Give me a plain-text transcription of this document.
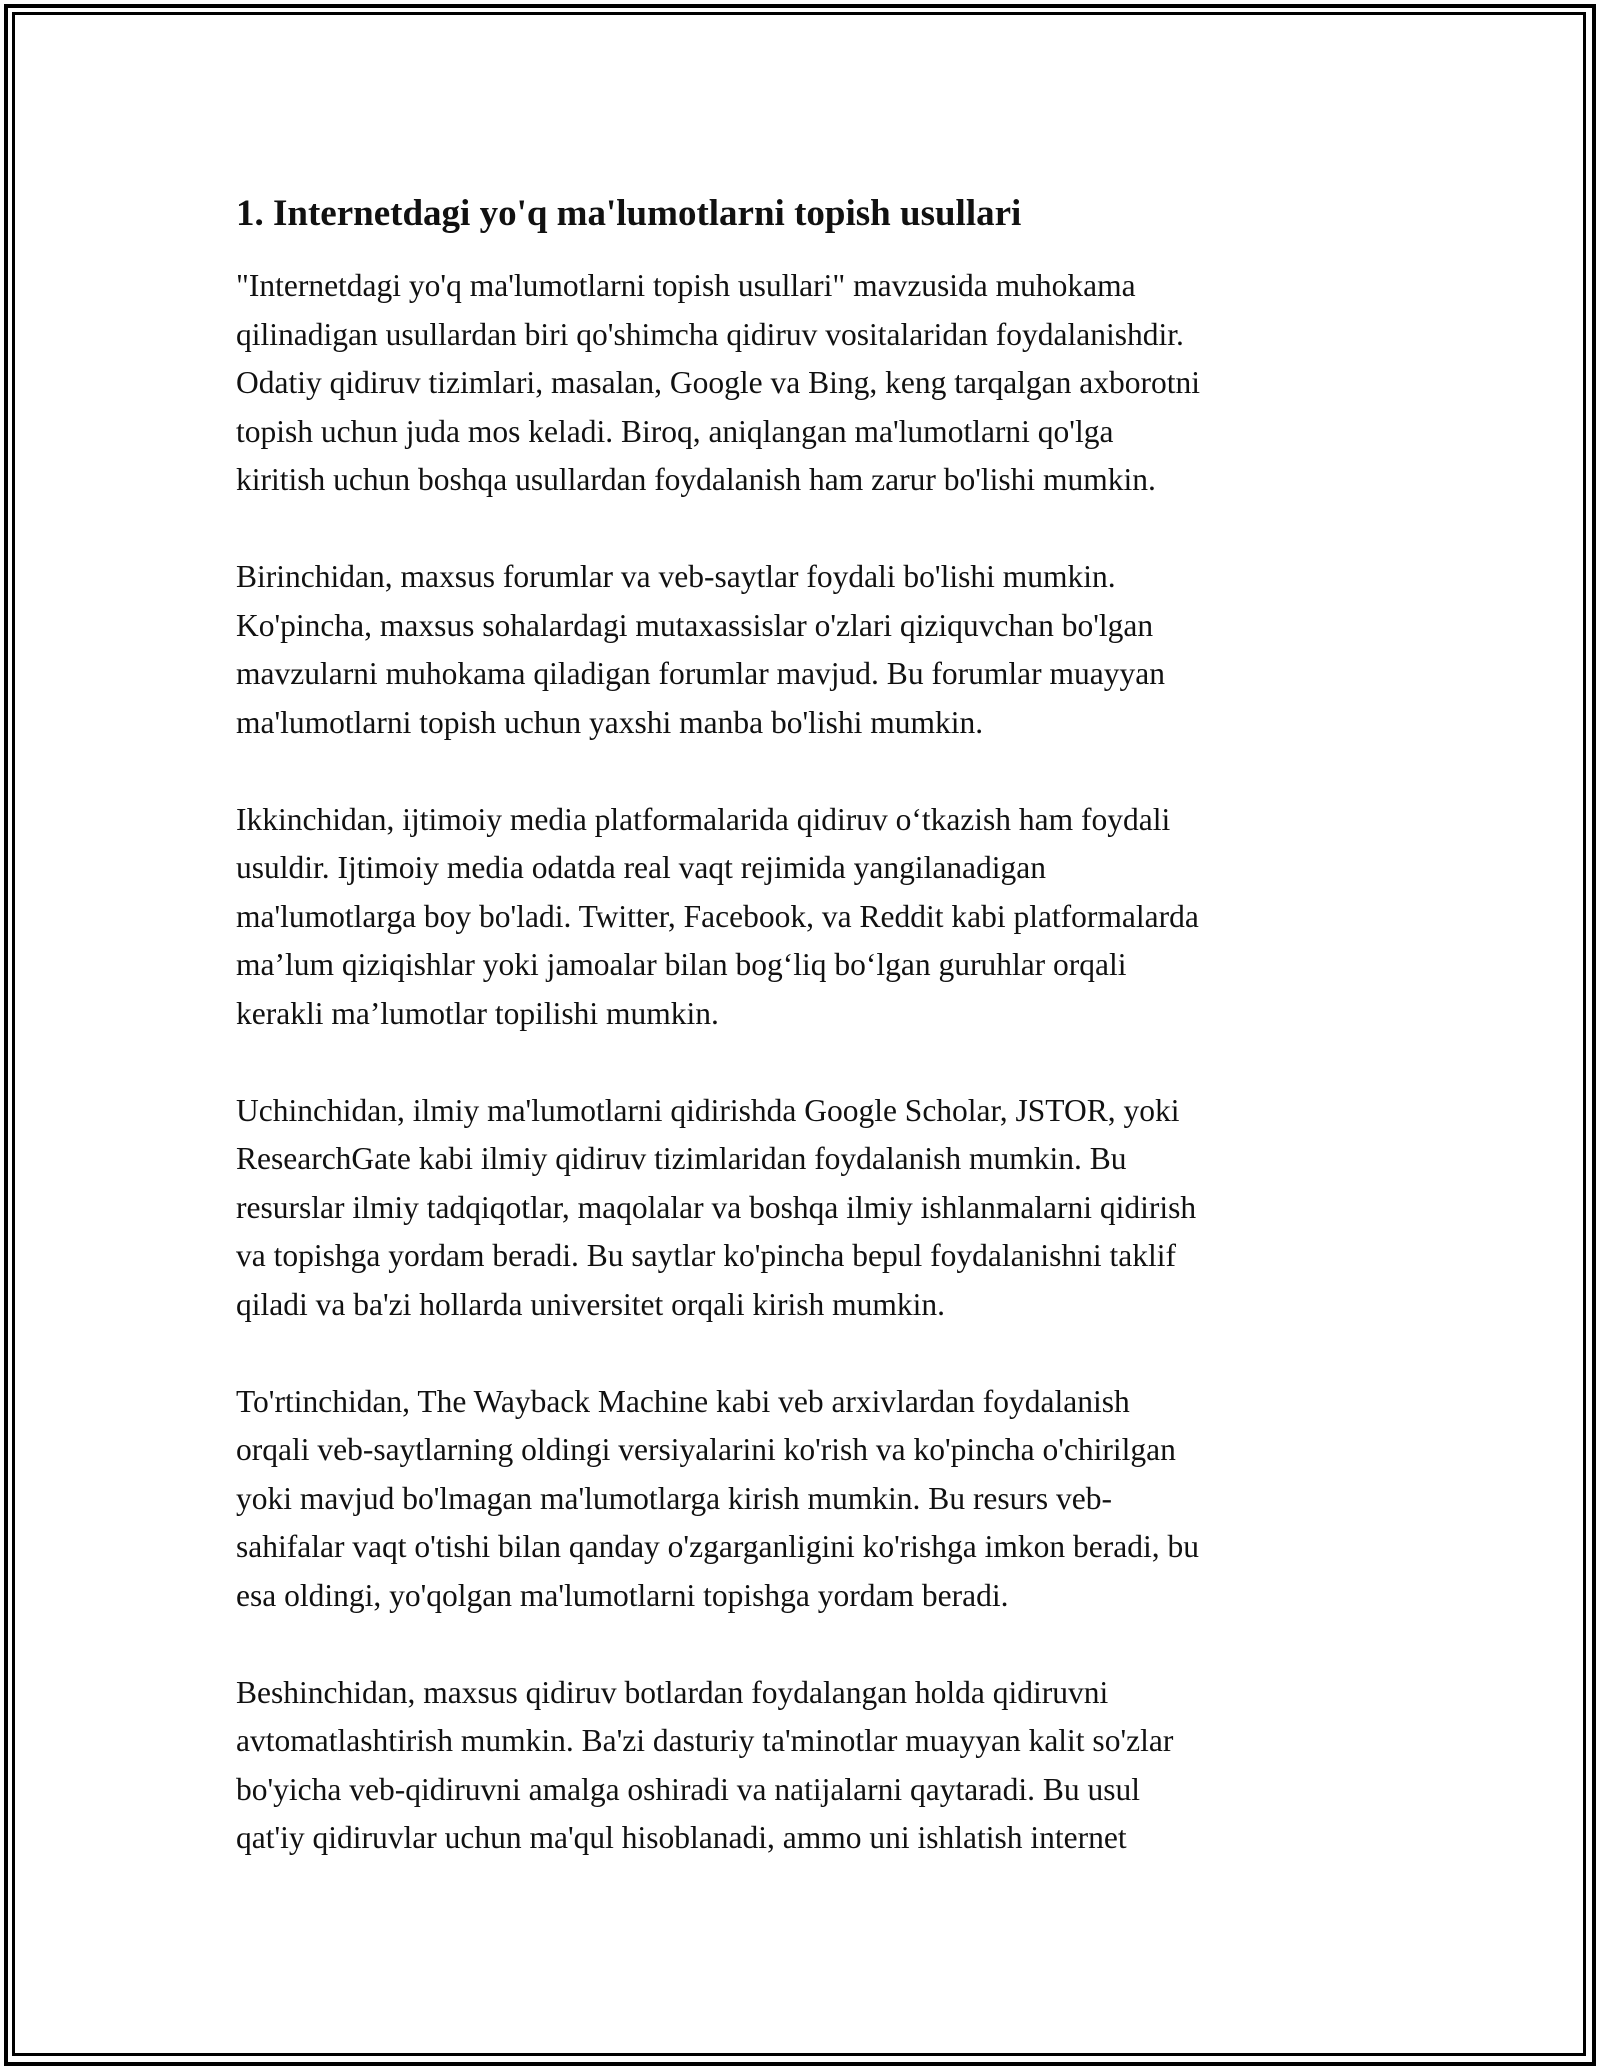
1. Internetdagi yo'q ma'lumotlarni topish usullari
"Internetdagi yo'q ma'lumotlarni topish usullari" mavzusida muhokama
qilinadigan usullardan biri qo'shimcha qidiruv vositalaridan foydalanishdir.
Odatiy qidiruv tizimlari, masalan, Google va Bing, keng tarqalgan axborotni
topish uchun juda mos keladi. Biroq, aniqlangan ma'lumotlarni qo'lga
kiritish uchun boshqa usullardan foydalanish ham zarur bo'lishi mumkin.
Birinchidan, maxsus forumlar va veb-saytlar foydali bo'lishi mumkin.
Ko'pincha, maxsus sohalardagi mutaxassislar o'zlari qiziquvchan bo'lgan
mavzularni muhokama qiladigan forumlar mavjud. Bu forumlar muayyan
ma'lumotlarni topish uchun yaxshi manba bo'lishi mumkin.
Ikkinchidan, ijtimoiy media platformalarida qidiruv o‘tkazish ham foydali
usuldir. Ijtimoiy media odatda real vaqt rejimida yangilanadigan
ma'lumotlarga boy bo'ladi. Twitter, Facebook, va Reddit kabi platformalarda
ma’lum qiziqishlar yoki jamoalar bilan bog‘liq bo‘lgan guruhlar orqali
kerakli ma’lumotlar topilishi mumkin.
Uchinchidan, ilmiy ma'lumotlarni qidirishda Google Scholar, JSTOR, yoki
ResearchGate kabi ilmiy qidiruv tizimlaridan foydalanish mumkin. Bu
resurslar ilmiy tadqiqotlar, maqolalar va boshqa ilmiy ishlanmalarni qidirish
va topishga yordam beradi. Bu saytlar ko'pincha bepul foydalanishni taklif
qiladi va ba'zi hollarda universitet orqali kirish mumkin.
To'rtinchidan, The Wayback Machine kabi veb arxivlardan foydalanish
orqali veb-saytlarning oldingi versiyalarini ko'rish va ko'pincha o'chirilgan
yoki mavjud bo'lmagan ma'lumotlarga kirish mumkin. Bu resurs veb-
sahifalar vaqt o'tishi bilan qanday o'zgarganligini ko'rishga imkon beradi, bu
esa oldingi, yo'qolgan ma'lumotlarni topishga yordam beradi.
Beshinchidan, maxsus qidiruv botlardan foydalangan holda qidiruvni
avtomatlashtirish mumkin. Ba'zi dasturiy ta'minotlar muayyan kalit so'zlar
bo'yicha veb-qidiruvni amalga oshiradi va natijalarni qaytaradi. Bu usul
qat'iy qidiruvlar uchun ma'qul hisoblanadi, ammo uni ishlatish internet
